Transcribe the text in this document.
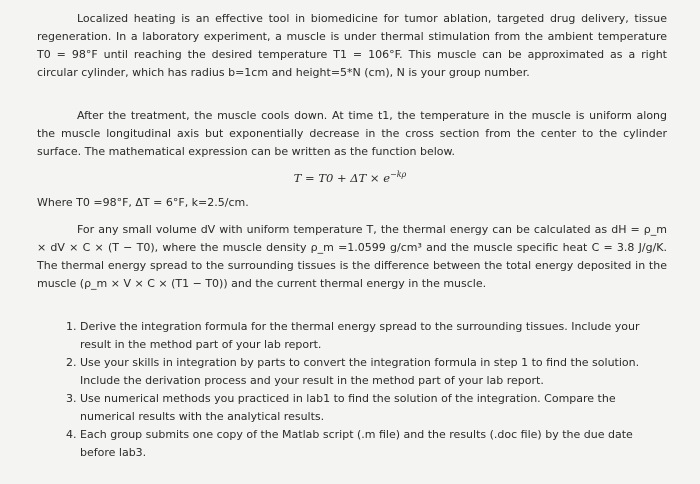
Localized heating is an effective tool in biomedicine for tumor ablation, targeted drug delivery, tissue regeneration. In a laboratory experiment, a muscle is under thermal stimulation from the ambient temperature T0 = 98°F until reaching the desired temperature T1 = 106°F. This muscle can be approximated as a right circular cylinder, which has radius b=1cm and height=5*N (cm), N is your group number.

After the treatment, the muscle cools down. At time t1, the temperature in the muscle is uniform along the muscle longitudinal axis but exponentially decrease in the cross section from the center to the cylinder surface. The mathematical expression can be written as the function below.

$T = T0 + \Delta T \times e^{-k\rho}$
Where T0 =98°F, ΔT = 6°F, k=2.5/cm.

For any small volume dV with uniform temperature T, the thermal energy can be calculated as dH = ρ_m × dV × C × (T − T0), where the muscle density ρ_m =1.0599 g/cm³ and the muscle specific heat C = 3.8 J/g/K. The thermal energy spread to the surrounding tissues is the difference between the total energy deposited in the muscle (ρ_m × V × C × (T1 − T0)) and the current thermal energy in the muscle.

1. Derive the integration formula for the thermal energy spread to the surrounding tissues. Include your result in the method part of your lab report.
2. Use your skills in integration by parts to convert the integration formula in step 1 to find the solution. Include the derivation process and your result in the method part of your lab report.
3. Use numerical methods you practiced in lab1 to find the solution of the integration. Compare the numerical results with the analytical results.
4. Each group submits one copy of the Matlab script (.m file) and the results (.doc file) by the due date before lab3.
